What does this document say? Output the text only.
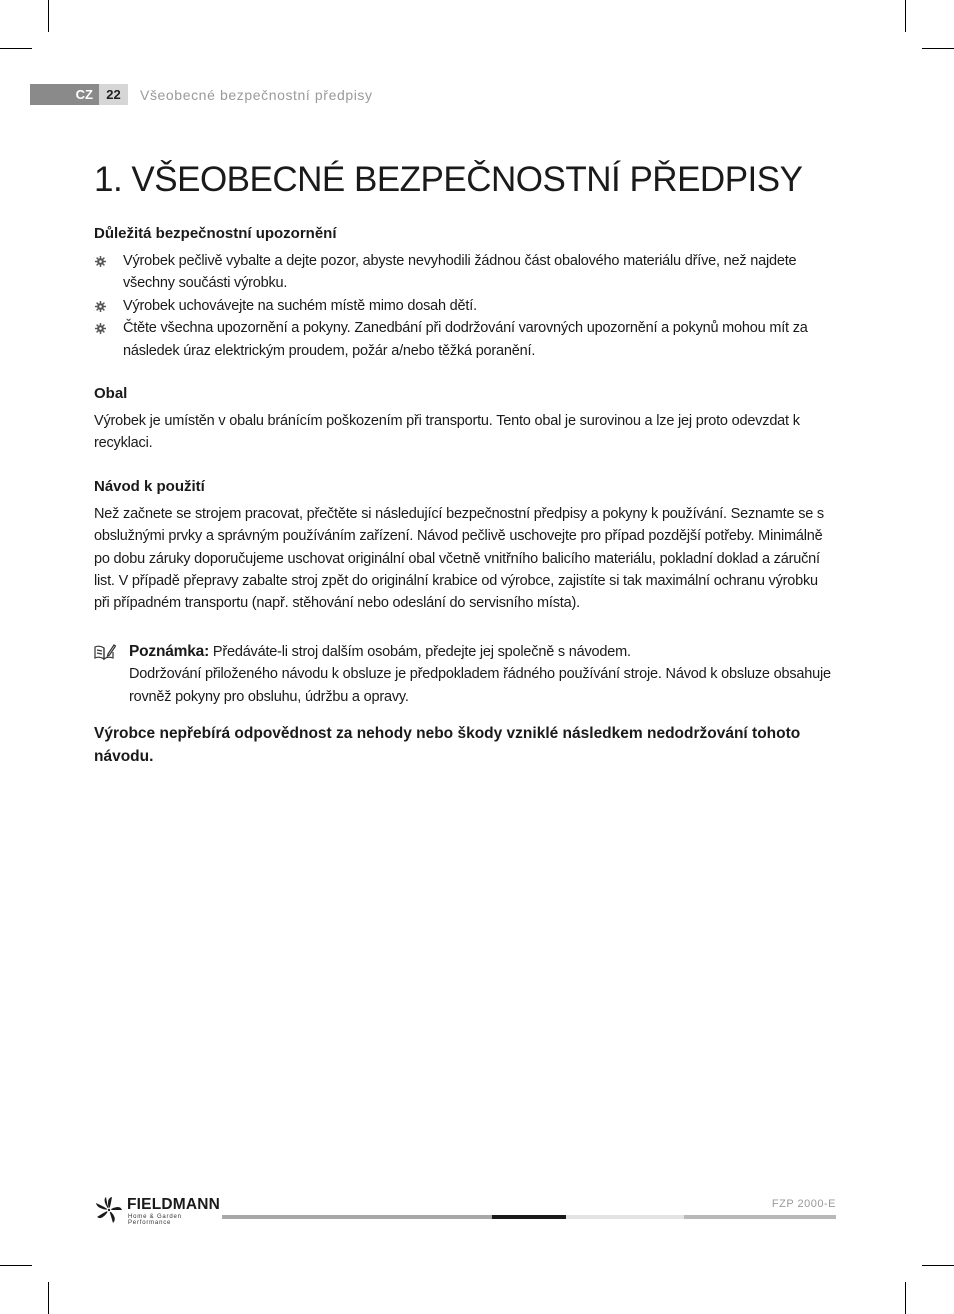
CZ	22	Všeobecné bezpečnostní předpisy
1. VŠEOBECNÉ BEZPEČNOSTNÍ PŘEDPISY
Důležitá bezpečnostní upozornění
Výrobek pečlivě vybalte a dejte pozor, abyste nevyhodili žádnou část obalového materiálu dříve, než najdete všechny součásti výrobku.
Výrobek uchovávejte na suchém místě mimo dosah dětí.
Čtěte všechna upozornění a pokyny. Zanedbání při dodržování varovných upozornění a pokynů mohou mít za následek úraz elektrickým proudem, požár a/nebo těžká poranění.
Obal

Výrobek je umístěn v obalu bránícím poškozením při transportu. Tento obal je surovinou a lze jej proto odevzdat k recyklaci.

Návod k použití

Než začnete se strojem pracovat, přečtěte si následující bezpečnostní předpisy a pokyny k používání. Seznamte se s obslužnými prvky a správným používáním zařízení. Návod pečlivě uschovejte pro případ pozdější potřeby. Minimálně po dobu záruky doporučujeme uschovat originální obal včetně vnitřního balicího materiálu, pokladní doklad a záruční list. V případě přepravy zabalte stroj zpět do originální krabice od výrobce, zajistíte si tak maximální ochranu výrobku při případném transportu (např. stěhování nebo odeslání do servisního místa).

Poznámka: Předáváte-li stroj dalším osobám, předejte jej společně s návodem.

Dodržování přiloženého návodu k obsluze je předpokladem řádného používání stroje. Návod k obsluze obsahuje rovněž pokyny pro obsluhu, údržbu a opravy.

Výrobce nepřebírá odpovědnost za nehody nebo škody vzniklé následkem nedodržování tohoto návodu.
FIELDMANN
Home & Garden Performance
FZP 2000-E
